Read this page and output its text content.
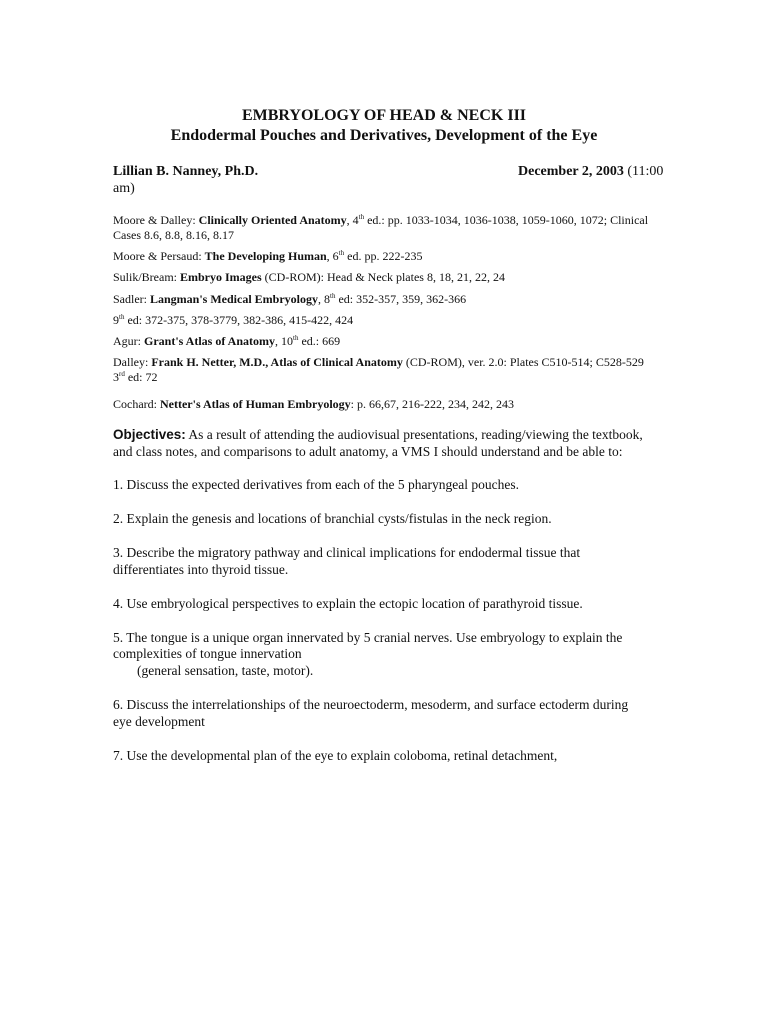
EMBRYOLOGY OF HEAD & NECK III
Endodermal Pouches and Derivatives, Development of the Eye
Lillian B. Nanney, Ph.D.	December 2, 2003 (11:00
am)
Moore & Dalley: Clinically Oriented Anatomy, 4th ed.: pp. 1033-1034, 1036-1038, 1059-1060, 1072; Clinical
Cases 8.6, 8.8, 8.16, 8.17
Moore & Persaud: The Developing Human, 6th ed. pp. 222-235
Sulik/Bream: Embryo Images (CD-ROM): Head & Neck plates 8, 18, 21, 22, 24
Sadler: Langman's Medical Embryology, 8th ed: 352-357, 359, 362-366
9th ed: 372-375, 378-3779, 382-386, 415-422, 424
Agur: Grant's Atlas of Anatomy, 10th ed.: 669
Dalley: Frank H. Netter, M.D., Atlas of Clinical Anatomy (CD-ROM), ver. 2.0: Plates C510-514; C528-529
3rd ed: 72
Cochard: Netter's Atlas of Human Embryology: p. 66,67, 216-222, 234, 242, 243
Objectives: As a result of attending the audiovisual presentations, reading/viewing the textbook,
and class notes, and comparisons to adult anatomy, a VMS I should understand and be able to:
1. Discuss the expected derivatives from each of the 5 pharyngeal pouches.
2. Explain the genesis and locations of branchial cysts/fistulas in the neck region.
3. Describe the migratory pathway and clinical implications for endodermal tissue that
differentiates into thyroid tissue.
4. Use embryological perspectives to explain the ectopic location of parathyroid tissue.
5. The tongue is a unique organ innervated by 5 cranial nerves. Use embryology to explain the
complexities of tongue innervation
(general sensation, taste, motor).
6. Discuss the interrelationships of the neuroectoderm, mesoderm, and surface ectoderm during
eye development
7. Use the developmental plan of the eye to explain coloboma, retinal detachment,
